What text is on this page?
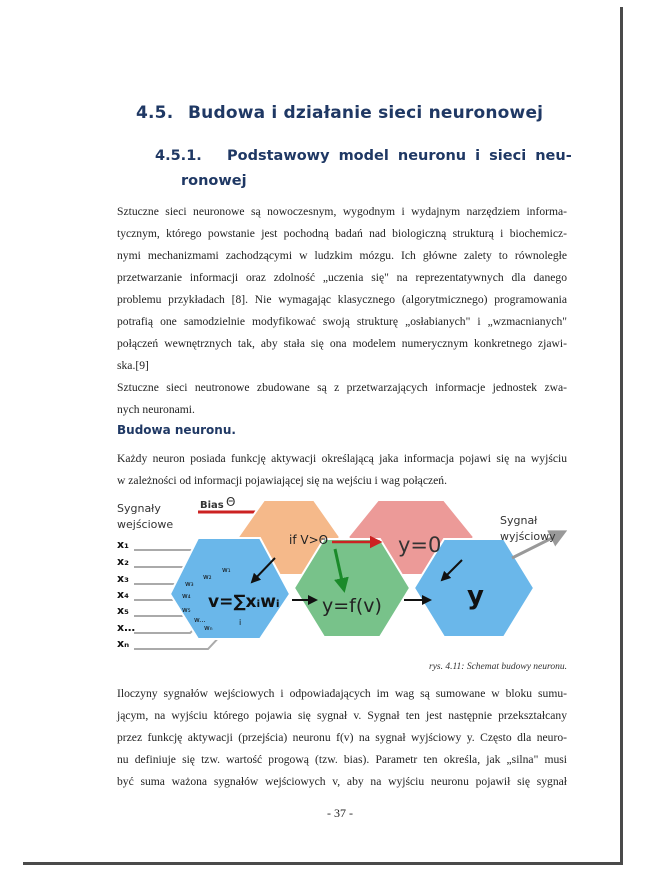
4.5. Budowa i działanie sieci neuronowej
4.5.1. Podstawowy model neuronu i sieci neu-
ronowej
Sztuczne sieci neuronowe są nowoczesnym, wygodnym i wydajnym narzędziem informa-
tycznym, którego powstanie jest pochodną badań nad biologiczną strukturą i biochemicz-
nymi mechanizmami zachodzącymi w ludzkim mózgu. Ich główne zalety to równoległe
przetwarzanie informacji oraz zdolność „uczenia się" na reprezentatywnych dla danego
problemu przykładach [8]. Nie wymagając klasycznego (algorytmicznego) programowania
potrafią one samodzielnie modyfikować swoją strukturę „osłabianych" i „wzmacnianych"
połączeń wewnętrznych tak, aby stała się ona modelem numerycznym konkretnego zjawi-
ska.[9]
Sztuczne sieci neutronowe zbudowane są z przetwarzających informacje jednostek zwa-
nych neuronami.
Budowa neuronu.
Każdy neuron posiada funkcję aktywacji określającą jaka informacja pojawi się na wyjściu
w zależności od informacji pojawiającej się na wejściu i wag połączeń.
Sygnały
wejściowe
Bias Θ
x₁
x₂
x₃
x₄
x₅
x…
xₙ
if V>Θ	y=0
y=f(v)
w₁
w₂
w₃
w₄
w₅
w...
wₙ
v=∑xᵢwᵢ
i
y
Sygnał
wyjściowy
rys. 4.11: Schemat budowy neuronu.
Iloczyny sygnałów wejściowych i odpowiadających im wag są sumowane w bloku sumu-
jącym, na wyjściu którego pojawia się sygnał v. Sygnał ten jest następnie przekształcany
przez funkcję aktywacji (przejścia) neuronu f(v) na sygnał wyjściowy y. Często dla neuro-
nu definiuje się tzw. wartość progową (tzw. bias). Parametr ten określa, jak „silna" musi
być suma ważona sygnałów wejściowych v, aby na wyjściu neuronu pojawił się sygnał
- 37 -
